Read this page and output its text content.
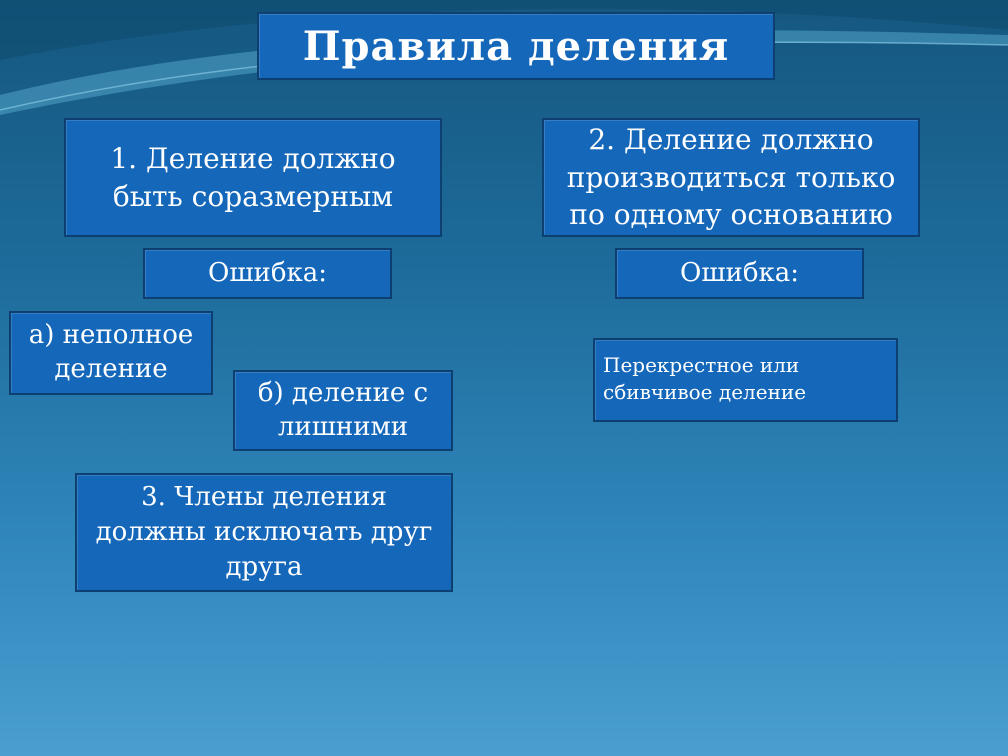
Правила деления
1. Деление должно
быть соразмерным
2. Деление должно
производиться только
по одному основанию
Ошибка:	Ошибка:
а) неполное
деление
б) деление с
лишними
Перекрестное или
сбивчивое деление
3. Члены деления
должны исключать друг
друга
